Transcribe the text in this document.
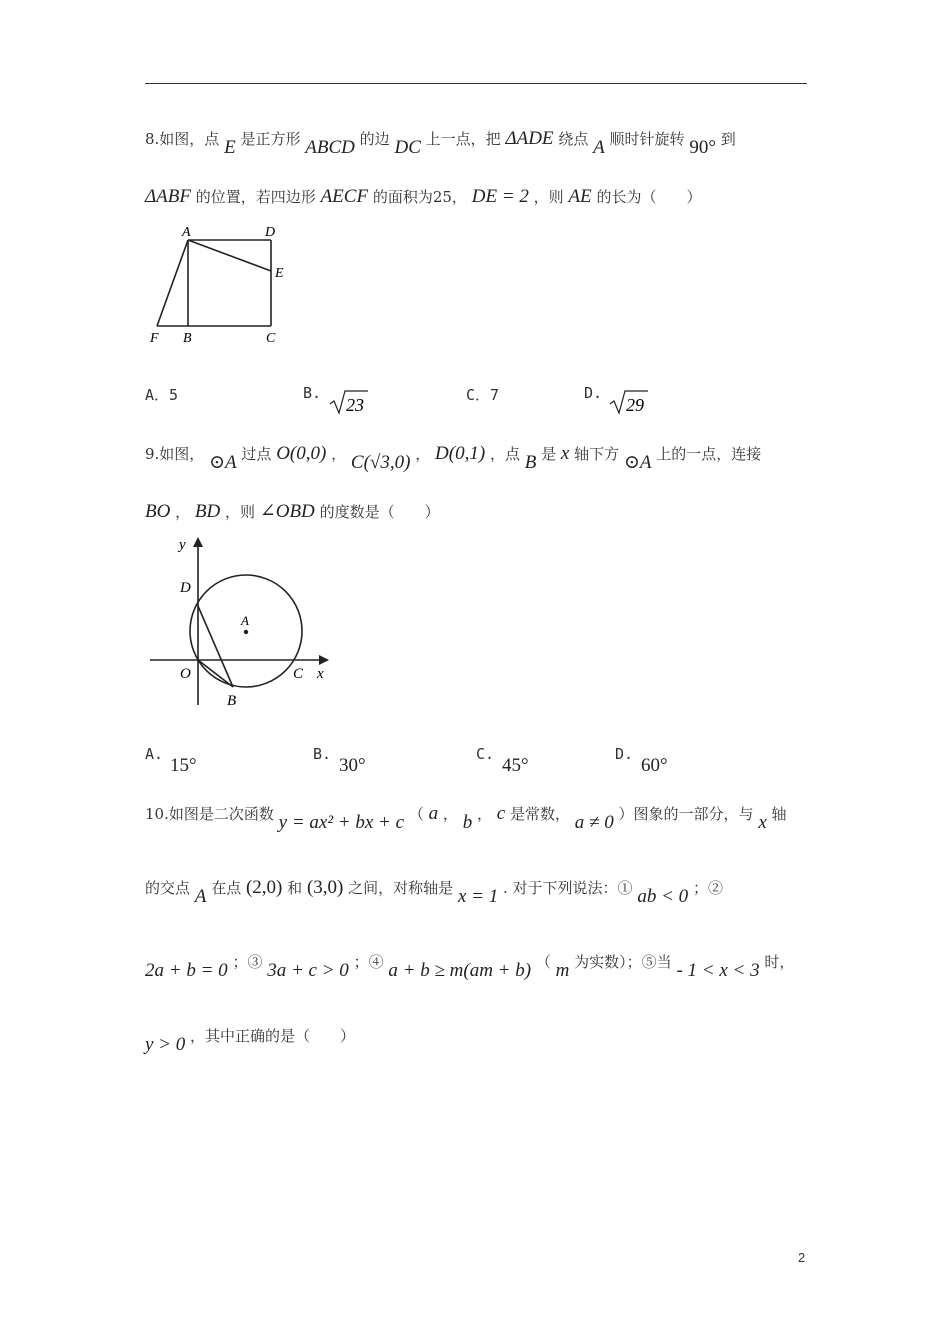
8.如图，点 E 是正方形 ABCD 的边 DC 上一点，把 ΔADE 绕点 A 顺时针旋转 90° 到
ΔABF 的位置，若四边形 AECF 的面积为25， DE = 2 ，则 AE 的长为（　　）
A	D
E
F B	C
A．5	B.
23	C．7	D.
29
9.如图， ⊙A 过点 O(0,0) ， C(√3,0) ， D(0,1) ，点 B 是 x 轴下方 ⊙A 上的一点，连接
BO ， BD ，则 ∠OBD 的度数是（　　）
y
D
A
O
B
C x
A.
15°
B.
30°
C.
45°
D.
60°
10.如图是二次函数 y = ax² + bx + c （ a ， b ， c 是常数， a ≠ 0 ）图象的一部分，与 x 轴
的交点 A 在点 (2,0) 和 (3,0) 之间，对称轴是 x = 1 . 对于下列说法：① ab < 0 ；②
2a + b = 0 ；③ 3a + c > 0 ；④ a + b ≥ m(am + b) （ m 为实数）；⑤当 - 1 < x < 3 时，
y > 0 ，其中正确的是（　　）
2
